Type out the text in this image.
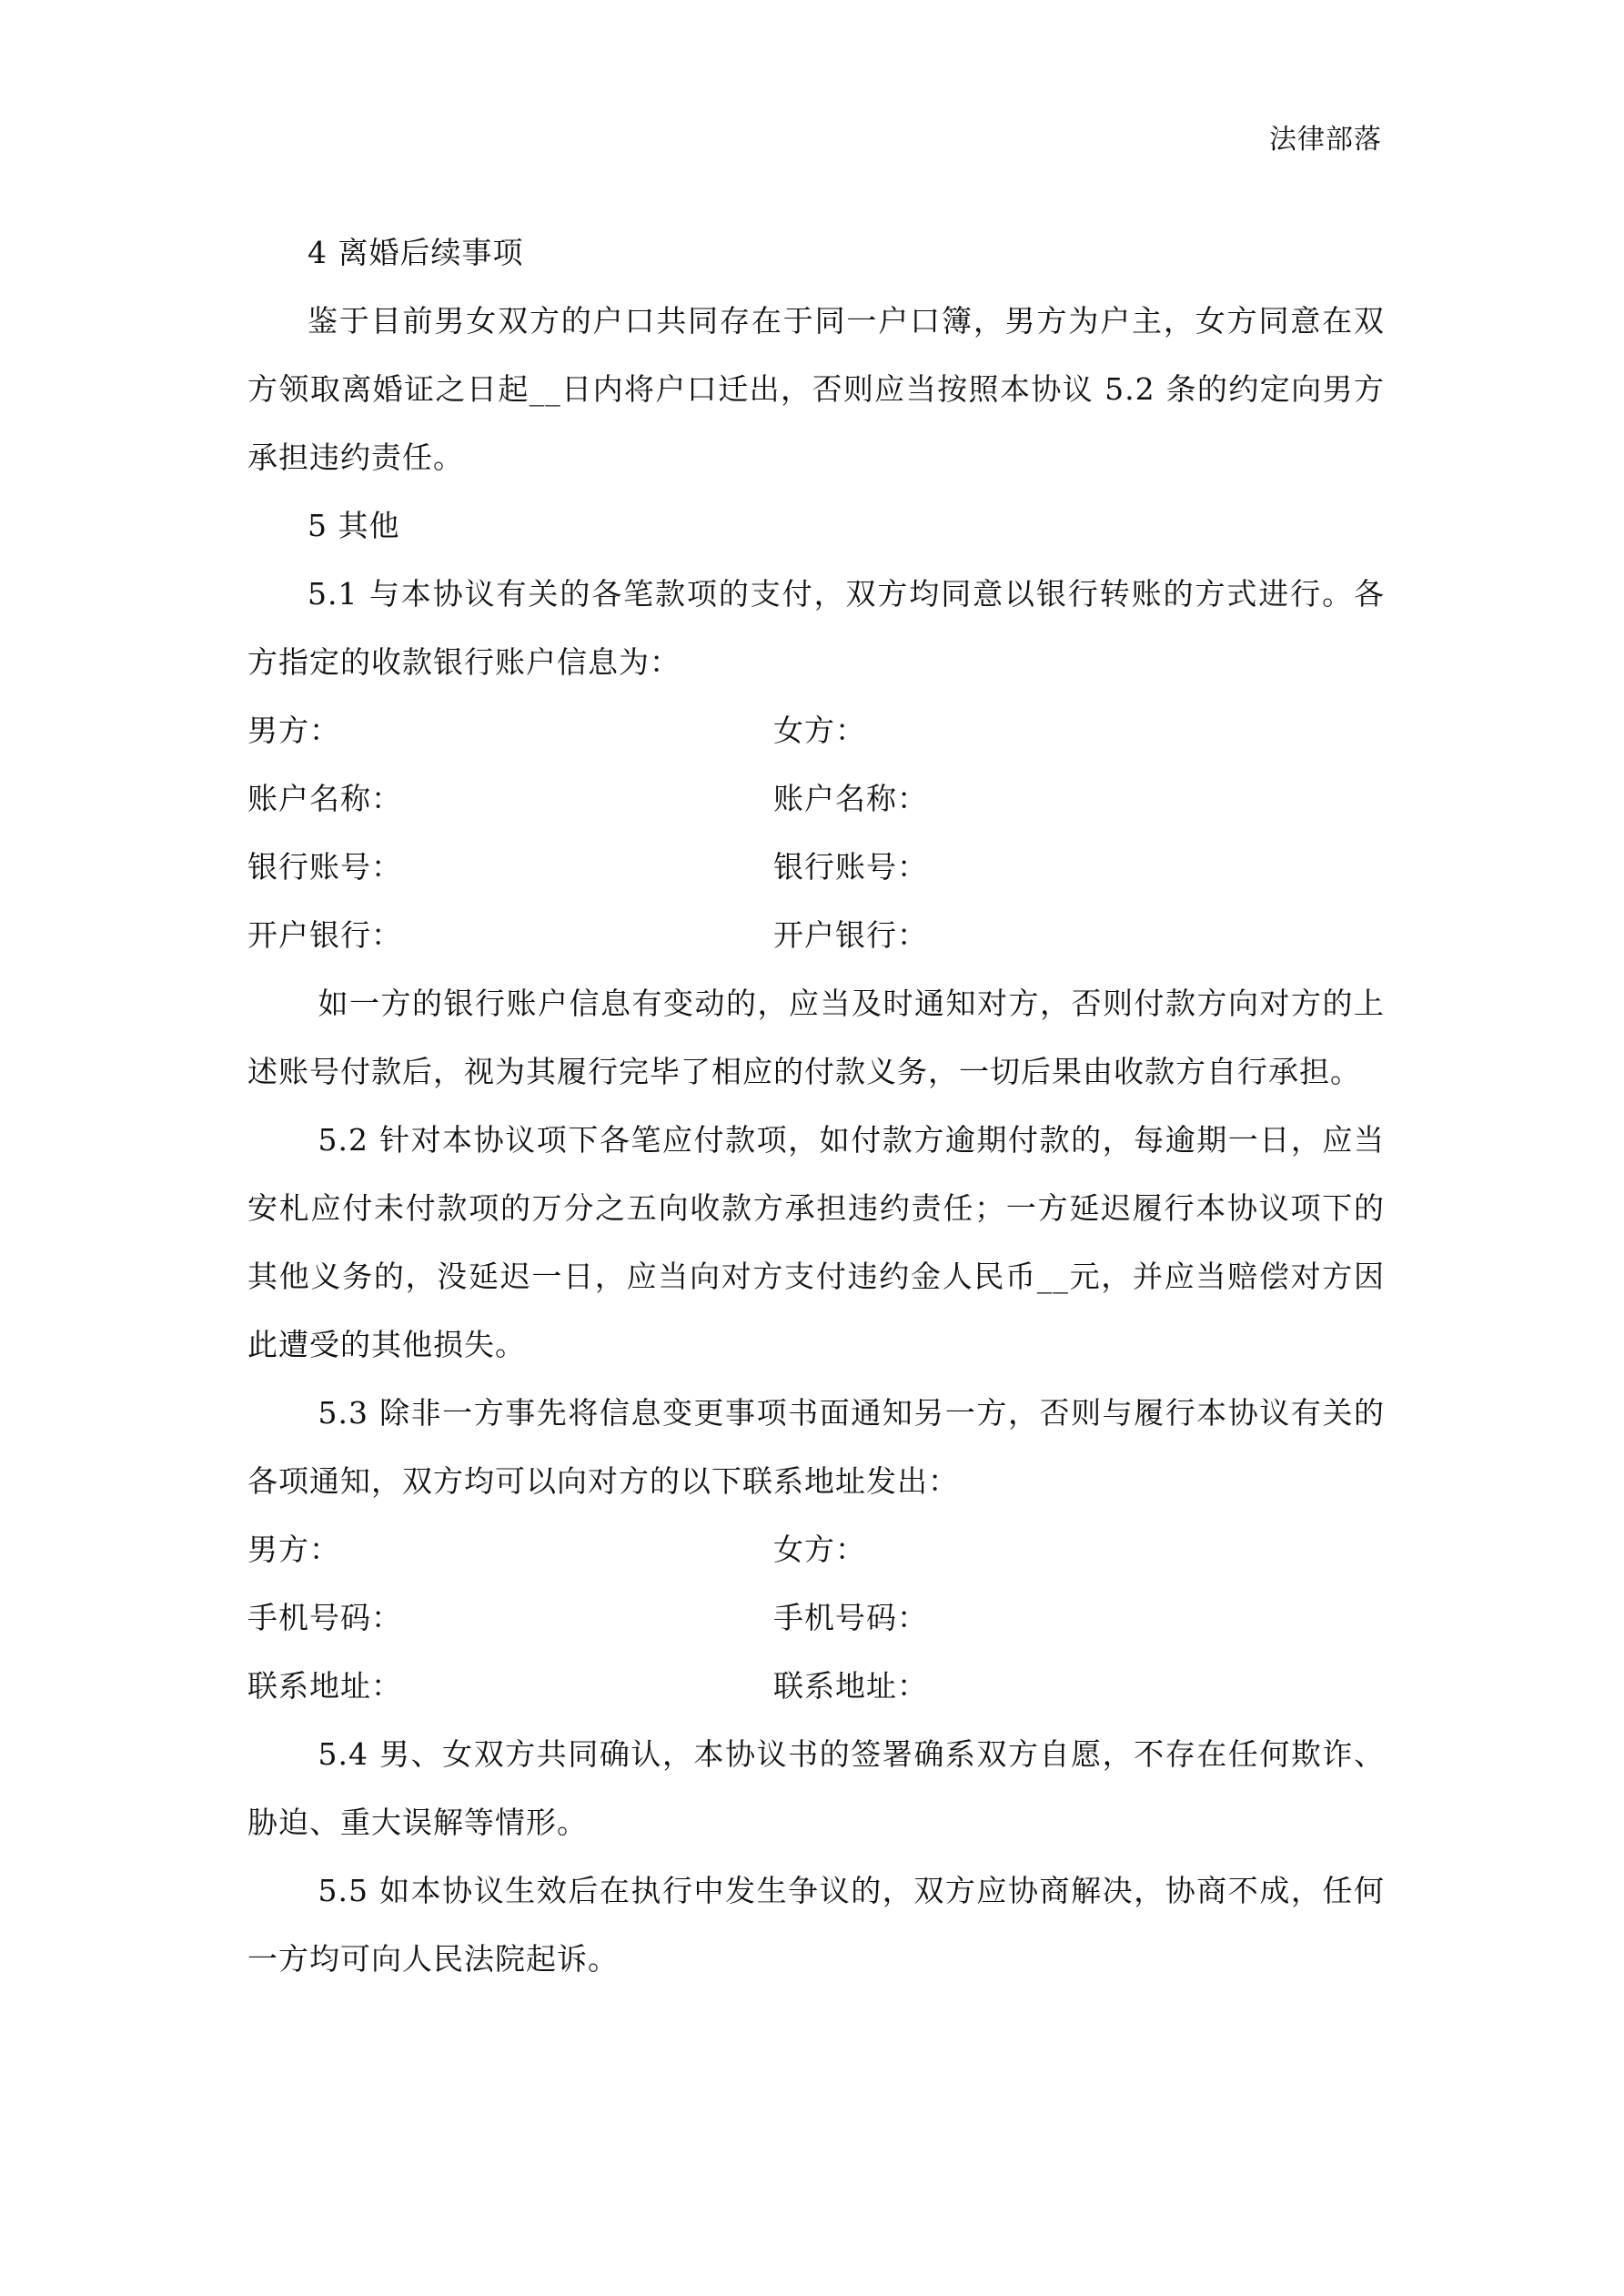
法律部落

4 离婚后续事项

鉴于目前男女双方的户口共同存在于同一户口簿，男方为户主，女方同意在双方领取离婚证之日起__日内将户口迁出，否则应当按照本协议 5.2 条的约定向男方承担违约责任。

5 其他

5.1 与本协议有关的各笔款项的支付，双方均同意以银行转账的方式进行。各方指定的收款银行账户信息为：

男方：	女方：
账户名称：	账户名称：
银行账号：	银行账号：
开户银行：	开户银行：

如一方的银行账户信息有变动的，应当及时通知对方，否则付款方向对方的上述账号付款后，视为其履行完毕了相应的付款义务，一切后果由收款方自行承担。

5.2 针对本协议项下各笔应付款项，如付款方逾期付款的，每逾期一日，应当安札应付未付款项的万分之五向收款方承担违约责任；一方延迟履行本协议项下的其他义务的，没延迟一日，应当向对方支付违约金人民币__元，并应当赔偿对方因此遭受的其他损失。

5.3 除非一方事先将信息变更事项书面通知另一方，否则与履行本协议有关的各项通知，双方均可以向对方的以下联系地址发出：

男方：	女方：
手机号码：	手机号码：
联系地址：	联系地址：

5.4 男、女双方共同确认，本协议书的签署确系双方自愿，不存在任何欺诈、胁迫、重大误解等情形。

5.5 如本协议生效后在执行中发生争议的，双方应协商解决，协商不成，任何一方均可向人民法院起诉。
